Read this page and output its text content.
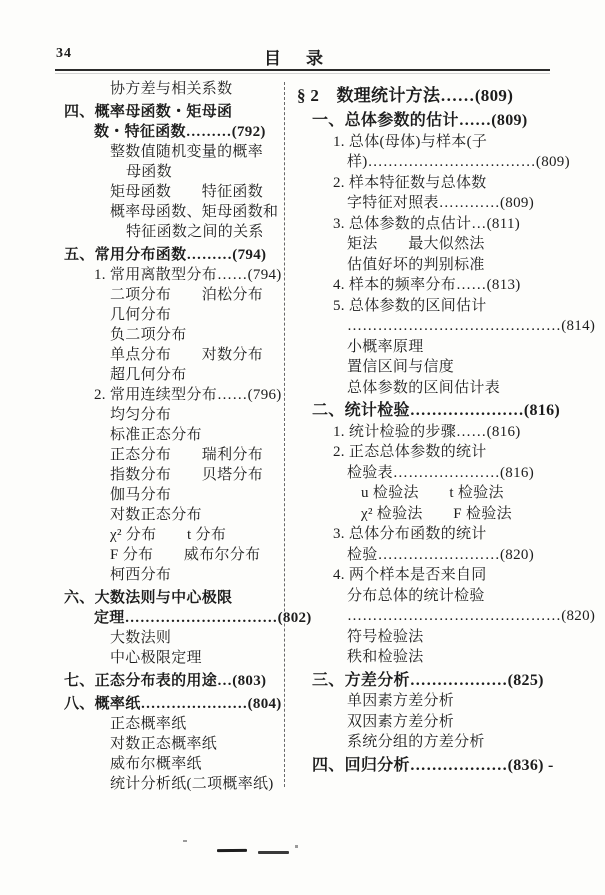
34	目　录
协方差与相关系数
四、概率母函数・矩母函
数・特征函数………(792)
整数值随机变量的概率
母函数
矩母函数　　特征函数
概率母函数、矩母函数和
特征函数之间的关系
五、常用分布函数………(794)
1. 常用离散型分布……(794)
二项分布　　泊松分布
几何分布
负二项分布
单点分布　　对数分布
超几何分布
2. 常用连续型分布……(796)
均匀分布
标准正态分布
正态分布　　瑞利分布
指数分布　　贝塔分布
伽马分布
对数正态分布
χ² 分布　　t 分布
F 分布　　威布尔分布
柯西分布
六、大数法则与中心极限
定理…………………………(802)
大数法则
中心极限定理
七、正态分布表的用途…(803)
八、概率纸…………………(804)
正态概率纸
对数正态概率纸
威布尔概率纸
统计分析纸(二项概率纸)
§ 2　数理统计方法……(809)
一、总体参数的估计……(809)
1. 总体(母体)与样本(子
样)……………………………(809)
2. 样本特征数与总体数
字特征对照表…………(809)
3. 总体参数的点估计…(811)
矩法　　最大似然法
估值好坏的判别标准
4. 样本的频率分布……(813)
5. 总体参数的区间估计
……………………………………(814)
小概率原理
置信区间与信度
总体参数的区间估计表
二、统计检验…………………(816)
1. 统计检验的步骤……(816)
2. 正态总体参数的统计
检验表…………………(816)
u 检验法　　t 检验法
χ² 检验法　　F 检验法
3. 总体分布函数的统计
检验……………………(820)
4. 两个样本是否来自同
分布总体的统计检验
……………………………………(820)
符号检验法
秩和检验法
三、方差分析………………(825)
单因素方差分析
双因素方差分析
系统分组的方差分析
四、回归分析………………(836) -
